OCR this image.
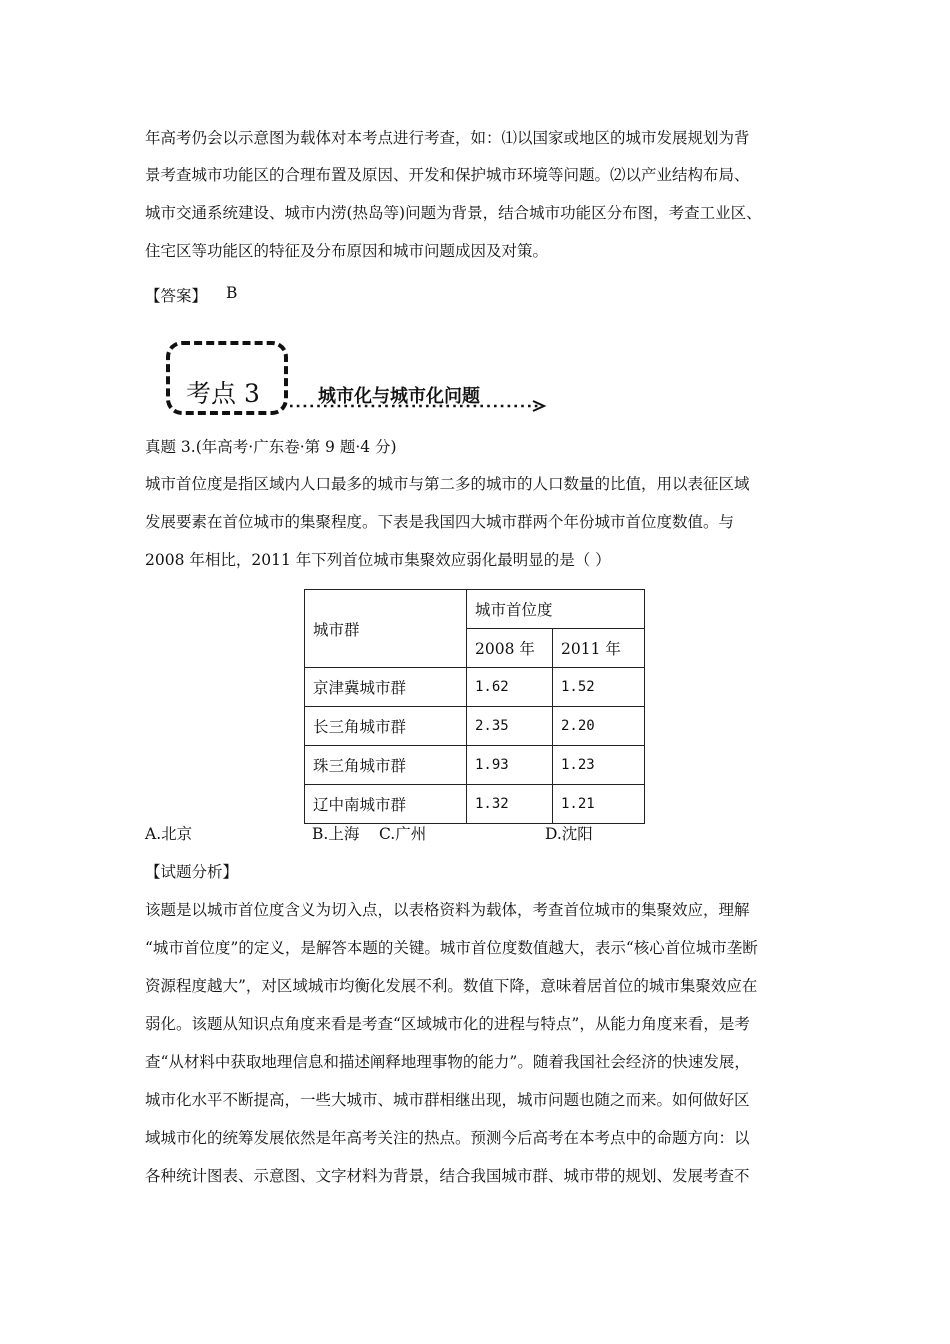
年高考仍会以示意图为载体对本考点进行考查，如：⑴以国家或地区的城市发展规划为背

景考查城市功能区的合理布置及原因、开发和保护城市环境等问题。⑵以产业结构布局、

城市交通系统建设、城市内涝(热岛等)问题为背景，结合城市功能区分布图，考查工业区、

住宅区等功能区的特征及分布原因和城市问题成因及对策。

【答案】 B

考点 3	城市化与城市化问题

真题 3.(年高考·广东卷·第 9 题·4 分)

城市首位度是指区域内人口最多的城市与第二多的城市的人口数量的比值，用以表征区域

发展要素在首位城市的集聚程度。下表是我国四大城市群两个年份城市首位度数值。与

2008 年相比，2011 年下列首位城市集聚效应弱化最明显的是（ ）

城市群	城市首位度	
	2008 年	2011 年
京津冀城市群	1.62	1.52
长三角城市群	2.35	2.20
珠三角城市群	1.93	1.23
辽中南城市群	1.32	1.21

A.北京	B.上海 C.广州	D.沈阳

【试题分析】

该题是以城市首位度含义为切入点，以表格资料为载体，考查首位城市的集聚效应，理解

“城市首位度”的定义，是解答本题的关键。城市首位度数值越大，表示“核心首位城市垄断

资源程度越大”，对区域城市均衡化发展不利。数值下降，意味着居首位的城市集聚效应在

弱化。该题从知识点角度来看是考查“区域城市化的进程与特点”，从能力角度来看，是考

查“从材料中获取地理信息和描述阐释地理事物的能力”。随着我国社会经济的快速发展，

城市化水平不断提高，一些大城市、城市群相继出现，城市问题也随之而来。如何做好区

域城市化的统筹发展依然是年高考关注的热点。预测今后高考在本考点中的命题方向：以

各种统计图表、示意图、文字材料为背景，结合我国城市群、城市带的规划、发展考查不
